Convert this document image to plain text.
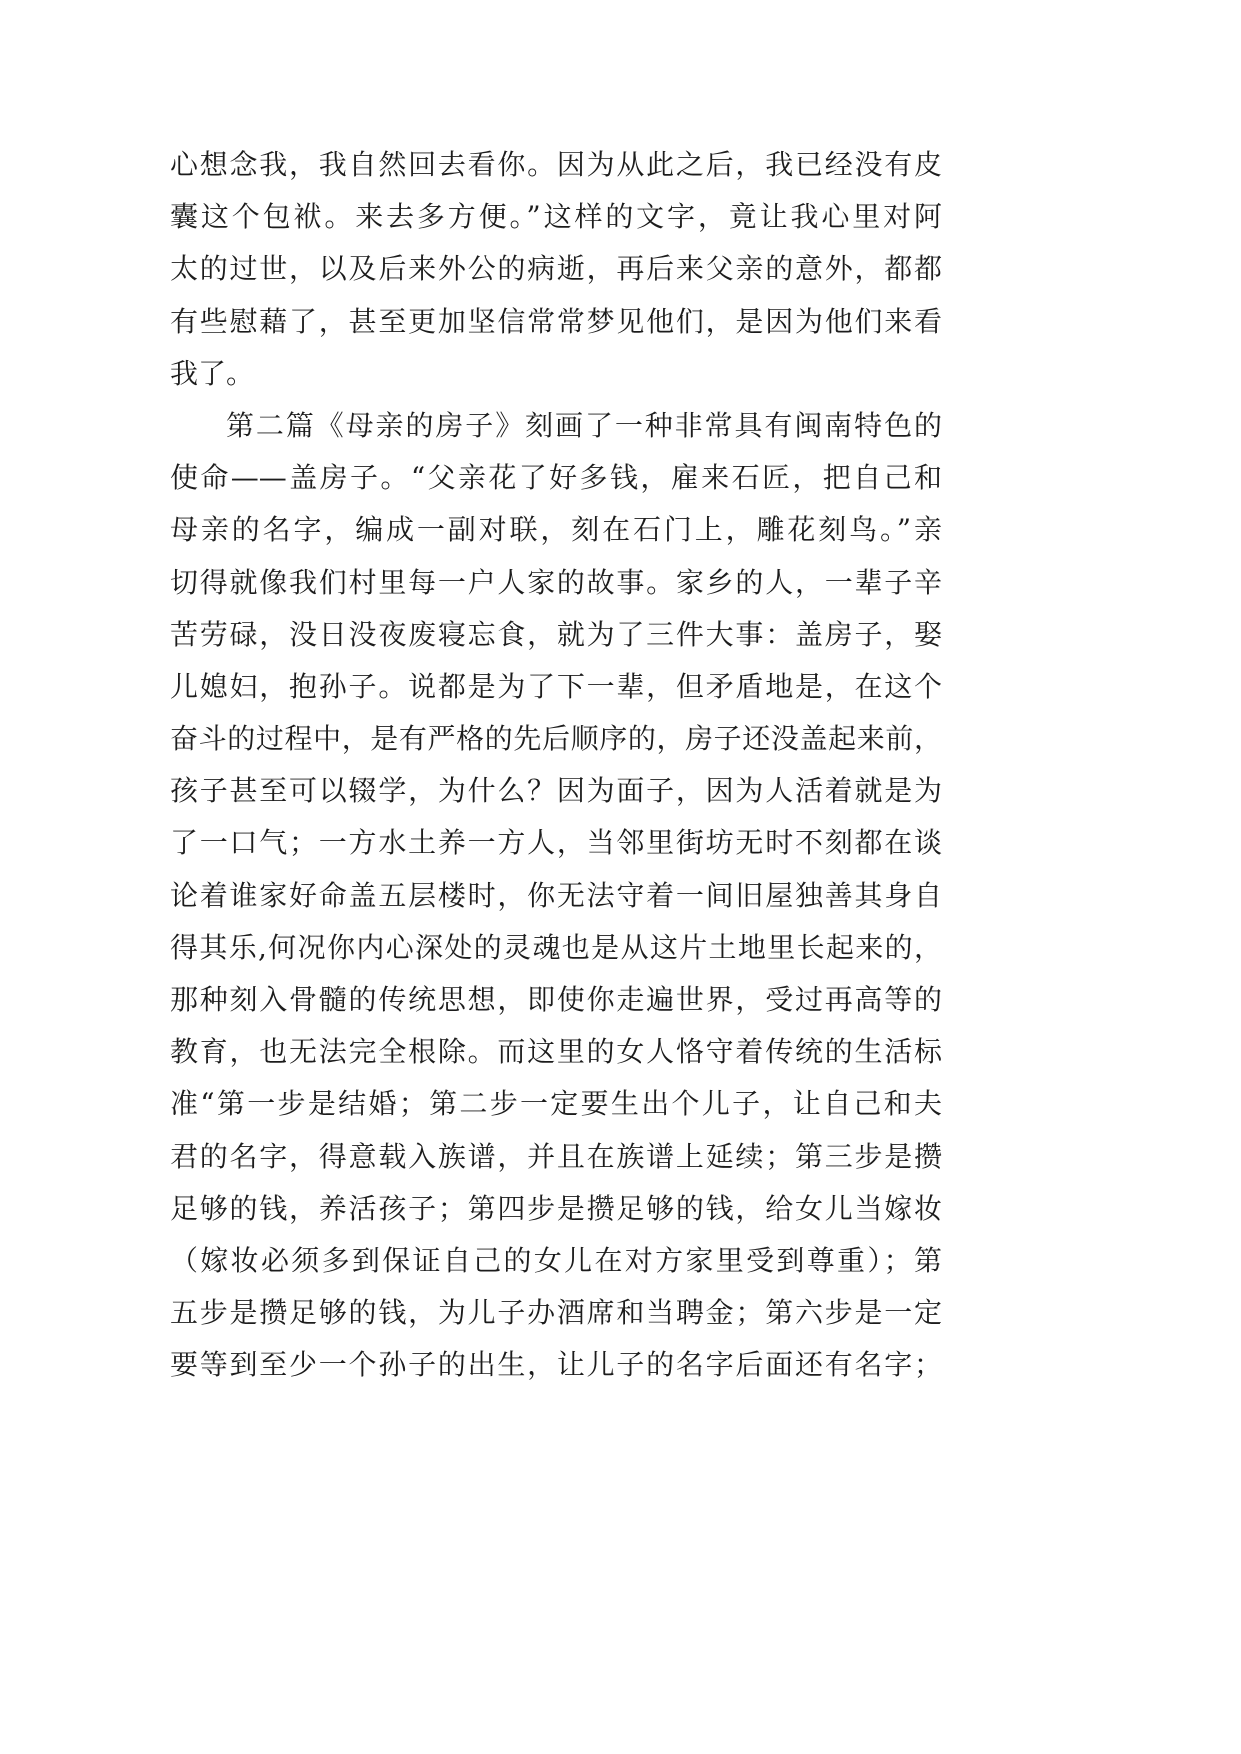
心想念我，我自然回去看你。因为从此之后，我已经没有皮
囊这个包袱。来去多方便。”这样的文字，竟让我心里对阿
太的过世，以及后来外公的病逝，再后来父亲的意外，都都
有些慰藉了，甚至更加坚信常常梦见他们，是因为他们来看
我了。
第二篇《母亲的房子》刻画了一种非常具有闽南特色的
使命——盖房子。“父亲花了好多钱，雇来石匠，把自己和
母亲的名字，编成一副对联，刻在石门上，雕花刻鸟。”亲
切得就像我们村里每一户人家的故事。家乡的人，一辈子辛
苦劳碌，没日没夜废寝忘食，就为了三件大事：盖房子，娶
儿媳妇，抱孙子。说都是为了下一辈，但矛盾地是，在这个
奋斗的过程中，是有严格的先后顺序的，房子还没盖起来前，
孩子甚至可以辍学，为什么？因为面子，因为人活着就是为
了一口气；一方水土养一方人，当邻里街坊无时不刻都在谈
论着谁家好命盖五层楼时，你无法守着一间旧屋独善其身自
得其乐,何况你内心深处的灵魂也是从这片土地里长起来的，
那种刻入骨髓的传统思想，即使你走遍世界，受过再高等的
教育，也无法完全根除。而这里的女人恪守着传统的生活标
准“第一步是结婚；第二步一定要生出个儿子，让自己和夫
君的名字，得意载入族谱，并且在族谱上延续；第三步是攒
足够的钱，养活孩子；第四步是攒足够的钱，给女儿当嫁妆
（嫁妆必须多到保证自己的女儿在对方家里受到尊重）；第
五步是攒足够的钱，为儿子办酒席和当聘金；第六步是一定
要等到至少一个孙子的出生，让儿子的名字后面还有名字；
